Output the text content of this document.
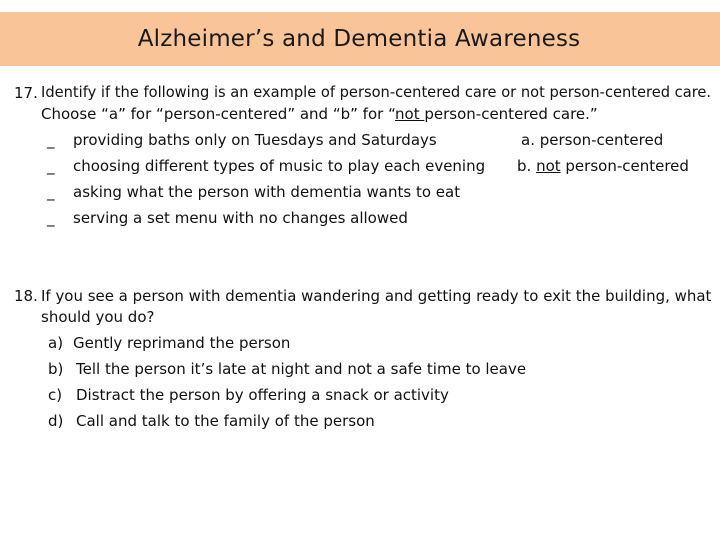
Alzheimer’s and Dementia Awareness
17. Identify if the following is an example of person-centered care or not person-centered care.
Choose “a” for “person-centered” and “b” for “not person-centered care.”
_ providing baths only on Tuesdays and Saturdays
_ choosing different types of music to play each evening
_ asking what the person with dementia wants to eat
_ serving a set menu with no changes allowed
a. person-centered
b. not person-centered
18. If you see a person with dementia wandering and getting ready to exit the building, what
should you do?
a) Gently reprimand the person
b) Tell the person it’s late at night and not a safe time to leave
c) Distract the person by offering a snack or activity
d) Call and talk to the family of the person
